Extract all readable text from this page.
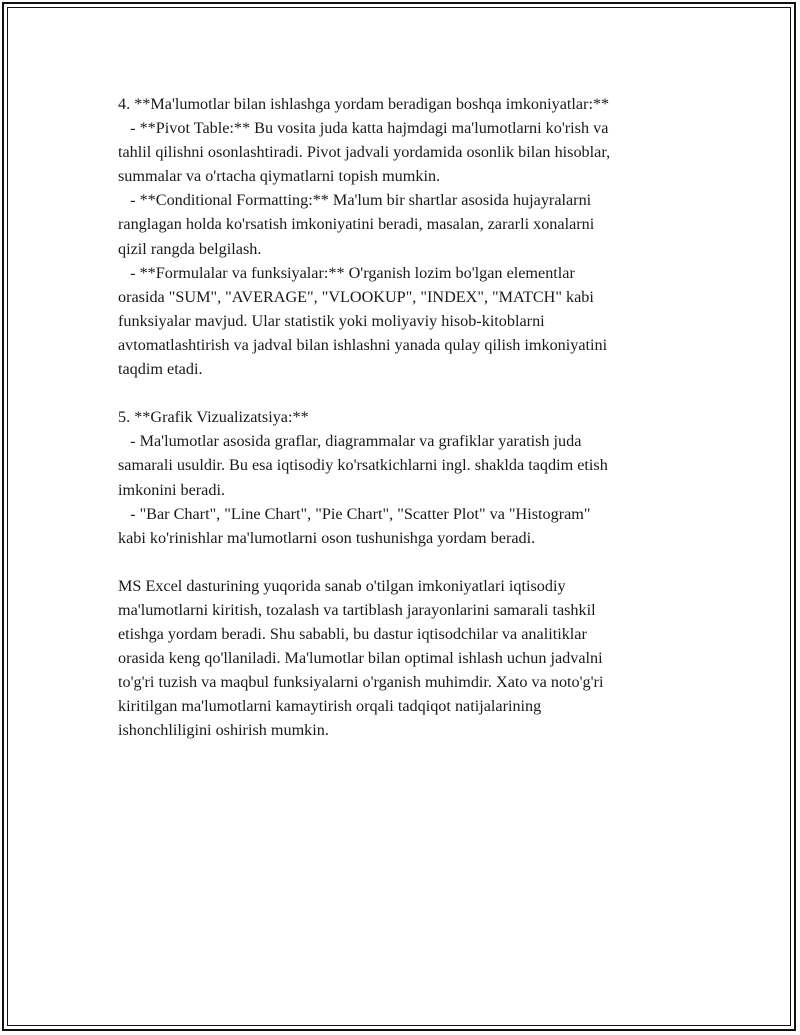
4. **Ma'lumotlar bilan ishlashga yordam beradigan boshqa imkoniyatlar:**
- **Pivot Table:** Bu vosita juda katta hajmdagi ma'lumotlarni ko'rish va
tahlil qilishni osonlashtiradi. Pivot jadvali yordamida osonlik bilan hisoblar,
summalar va o'rtacha qiymatlarni topish mumkin.
- **Conditional Formatting:** Ma'lum bir shartlar asosida hujayralarni
ranglagan holda ko'rsatish imkoniyatini beradi, masalan, zararli xonalarni
qizil rangda belgilash.
- **Formulalar va funksiyalar:** O'rganish lozim bo'lgan elementlar
orasida "SUM", "AVERAGE", "VLOOKUP", "INDEX", "MATCH" kabi
funksiyalar mavjud. Ular statistik yoki moliyaviy hisob-kitoblarni
avtomatlashtirish va jadval bilan ishlashni yanada qulay qilish imkoniyatini
taqdim etadi.
5. **Grafik Vizualizatsiya:**
- Ma'lumotlar asosida graflar, diagrammalar va grafiklar yaratish juda
samarali usuldir. Bu esa iqtisodiy ko'rsatkichlarni ingl. shaklda taqdim etish
imkonini beradi.
- "Bar Chart", "Line Chart", "Pie Chart", "Scatter Plot" va "Histogram"
kabi ko'rinishlar ma'lumotlarni oson tushunishga yordam beradi.
MS Excel dasturining yuqorida sanab o'tilgan imkoniyatlari iqtisodiy
ma'lumotlarni kiritish, tozalash va tartiblash jarayonlarini samarali tashkil
etishga yordam beradi. Shu sababli, bu dastur iqtisodchilar va analitiklar
orasida keng qo'llaniladi. Ma'lumotlar bilan optimal ishlash uchun jadvalni
to'g'ri tuzish va maqbul funksiyalarni o'rganish muhimdir. Xato va noto'g'ri
kiritilgan ma'lumotlarni kamaytirish orqali tadqiqot natijalarining
ishonchliligini oshirish mumkin.
